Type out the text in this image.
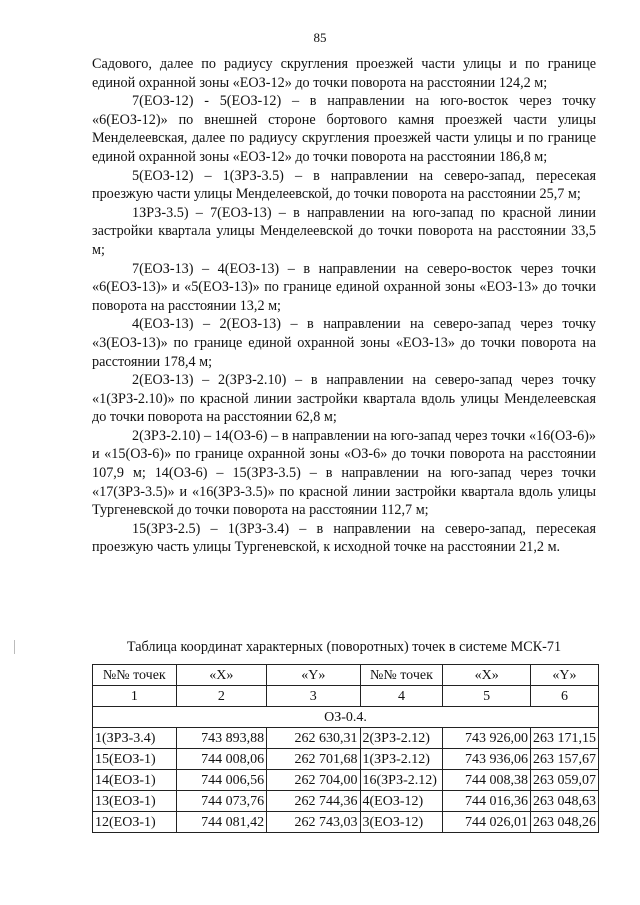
85

Садового, далее по радиусу скругления проезжей части улицы и по границе единой охранной зоны «ЕОЗ-12» до точки поворота на расстоянии 124,2 м;

7(ЕОЗ-12) - 5(ЕОЗ-12) – в направлении на юго-восток через точку «6(ЕОЗ-12)» по внешней стороне бортового камня проезжей части улицы Менделеевская, далее по радиусу скругления проезжей части улицы и по границе единой охранной зоны «ЕОЗ-12» до точки поворота на расстоянии 186,8 м;

5(ЕОЗ-12) – 1(ЗРЗ-3.5) – в направлении на северо-запад, пересекая проезжую части улицы Менделеевской, до точки поворота на расстоянии 25,7 м;

1ЗРЗ-3.5) – 7(ЕОЗ-13) – в направлении на юго-запад по красной линии застройки квартала улицы Менделеевской до точки поворота на расстоянии 33,5 м;

7(ЕОЗ-13) – 4(ЕОЗ-13) – в направлении на северо-восток через точки «6(ЕОЗ-13)» и «5(ЕОЗ-13)» по границе единой охранной зоны «ЕОЗ-13» до точки поворота на расстоянии 13,2 м;

4(ЕОЗ-13) – 2(ЕОЗ-13) – в направлении на северо-запад через точку «3(ЕОЗ-13)» по границе единой охранной зоны «ЕОЗ-13» до точки поворота на расстоянии 178,4 м;

2(ЕОЗ-13) – 2(ЗРЗ-2.10) – в направлении на северо-запад через точку «1(ЗРЗ-2.10)» по красной линии застройки квартала вдоль улицы Менделеевская до точки поворота на расстоянии 62,8 м;

2(ЗРЗ-2.10) – 14(ОЗ-6) – в направлении на юго-запад через точки «16(ОЗ-6)» и «15(ОЗ-6)» по границе охранной зоны «ОЗ-6» до точки поворота на расстоянии 107,9 м; 14(ОЗ-6) – 15(ЗРЗ-3.5) – в направлении на юго-запад через точки «17(ЗРЗ-3.5)» и «16(ЗРЗ-3.5)» по красной линии застройки квартала вдоль улицы Тургеневской до точки поворота на расстоянии 112,7 м;

15(ЗРЗ-2.5) – 1(ЗРЗ-3.4) – в направлении на северо-запад, пересекая проезжую часть улицы Тургеневской, к исходной точке на расстоянии 21,2 м.

Таблица координат характерных (поворотных) точек в системе МСК-71
№№ точек	«X»	«Y»	№№ точек	«X»	«Y»
1	2	3	4	5	6
ОЗ-0.4.					
1(ЗРЗ-3.4)	743 893,88	262 630,31	2(ЗРЗ-2.12)	743 926,00	263 171,15
15(ЕОЗ-1)	744 008,06	262 701,68	1(ЗРЗ-2.12)	743 936,06	263 157,67
14(ЕОЗ-1)	744 006,56	262 704,00	16(ЗРЗ-2.12)	744 008,38	263 059,07
13(ЕОЗ-1)	744 073,76	262 744,36	4(ЕОЗ-12)	744 016,36	263 048,63
12(ЕОЗ-1)	744 081,42	262 743,03	3(ЕОЗ-12)	744 026,01	263 048,26
